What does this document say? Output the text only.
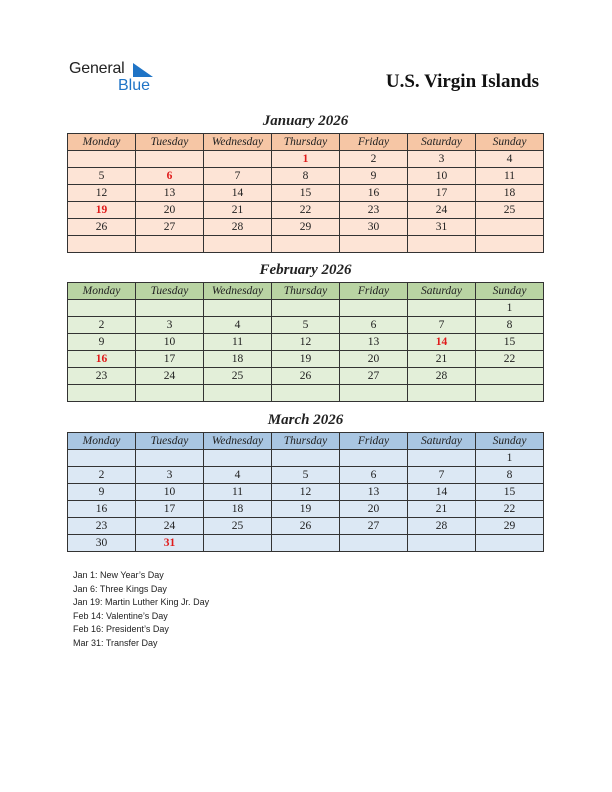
General
Blue	U.S. Virgin Islands
January 2026
Monday	Tuesday	Wednesday	Thursday	Friday	Saturday	Sunday
			1	2	3	4
5	6	7	8	9	10	11
12	13	14	15	16	17	18
19	20	21	22	23	24	25
26	27	28	29	30	31	

February 2026
Monday	Tuesday	Wednesday	Thursday	Friday	Saturday	Sunday
						1
2	3	4	5	6	7	8
9	10	11	12	13	14	15
16	17	18	19	20	21	22
23	24	25	26	27	28	

March 2026
Monday	Tuesday	Wednesday	Thursday	Friday	Saturday	Sunday
						1
2	3	4	5	6	7	8
9	10	11	12	13	14	15
16	17	18	19	20	21	22
23	24	25	26	27	28	29
30	31					
Jan 1: New Year’s Day
Jan 6: Three Kings Day
Jan 19: Martin Luther King Jr. Day
Feb 14: Valentine’s Day
Feb 16: President’s Day
Mar 31: Transfer Day
